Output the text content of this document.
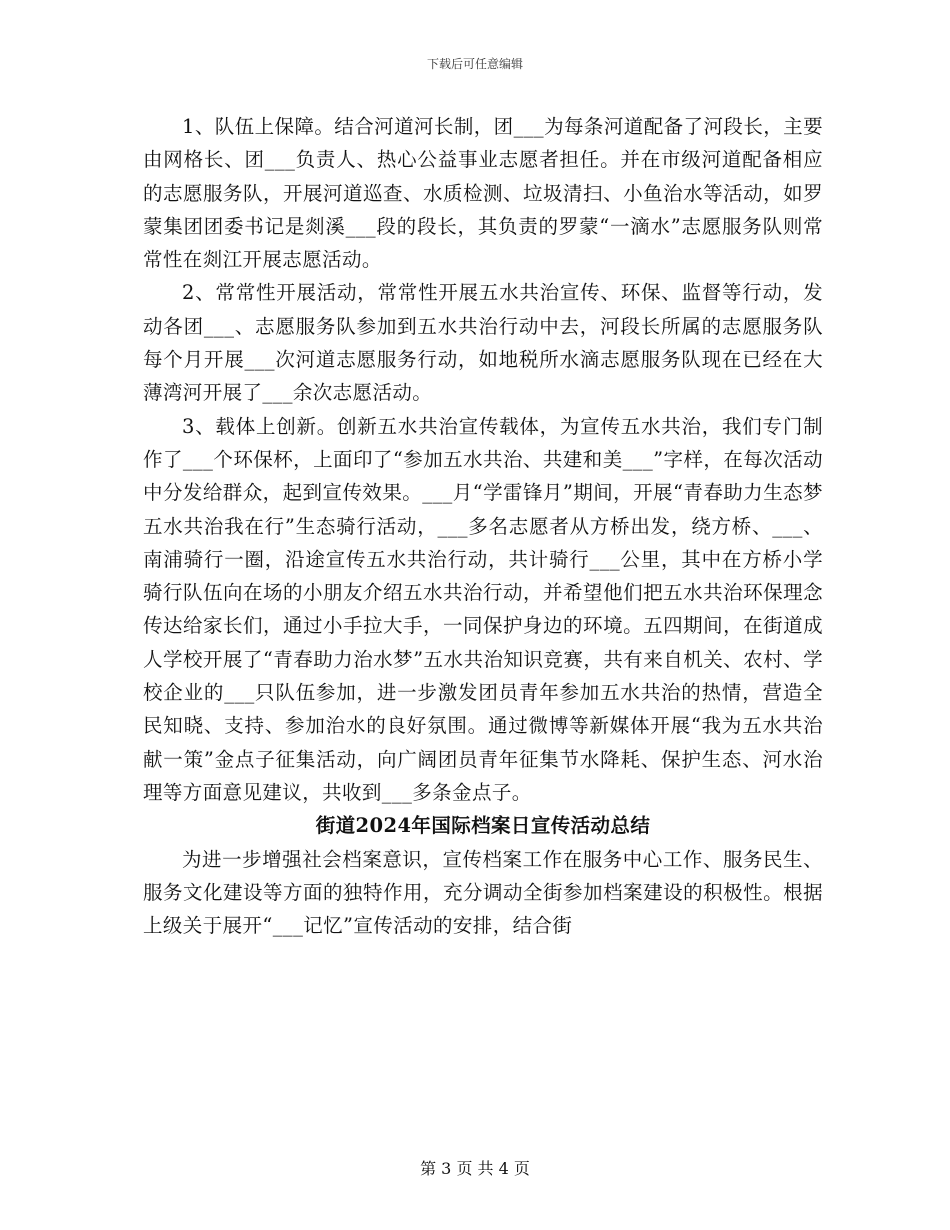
下载后可任意编辑

1、队伍上保障。结合河道河长制，团___为每条河道配备了河段长，主要由网格长、团___负责人、热心公益事业志愿者担任。并在市级河道配备相应的志愿服务队，开展河道巡查、水质检测、垃圾清扫、小鱼治水等活动，如罗蒙集团团委书记是剡溪___段的段长，其负责的罗蒙“一滴水”志愿服务队则常常性在剡江开展志愿活动。

2、常常性开展活动，常常性开展五水共治宣传、环保、监督等行动，发动各团___、志愿服务队参加到五水共治行动中去，河段长所属的志愿服务队每个月开展___次河道志愿服务行动，如地税所水滴志愿服务队现在已经在大薄湾河开展了___余次志愿活动。

3、载体上创新。创新五水共治宣传载体，为宣传五水共治，我们专门制作了___个环保杯，上面印了“参加五水共治、共建和美___”字样，在每次活动中分发给群众，起到宣传效果。___月“学雷锋月”期间，开展“青春助力生态梦五水共治我在行”生态骑行活动，___多名志愿者从方桥出发，绕方桥、___、南浦骑行一圈，沿途宣传五水共治行动，共计骑行___公里，其中在方桥小学骑行队伍向在场的小朋友介绍五水共治行动，并希望他们把五水共治环保理念传达给家长们，通过小手拉大手，一同保护身边的环境。五四期间，在街道成人学校开展了“青春助力治水梦”五水共治知识竞赛，共有来自机关、农村、学校企业的___只队伍参加，进一步激发团员青年参加五水共治的热情，营造全民知晓、支持、参加治水的良好氛围。通过微博等新媒体开展“我为五水共治献一策”金点子征集活动，向广阔团员青年征集节水降耗、保护生态、河水治理等方面意见建议，共收到___多条金点子。

街道2024年国际档案日宣传活动总结

为进一步增强社会档案意识，宣传档案工作在服务中心工作、服务民生、服务文化建设等方面的独特作用，充分调动全街参加档案建设的积极性。根据上级关于展开“___记忆”宣传活动的安排，结合街

第 3 页 共 4 页
